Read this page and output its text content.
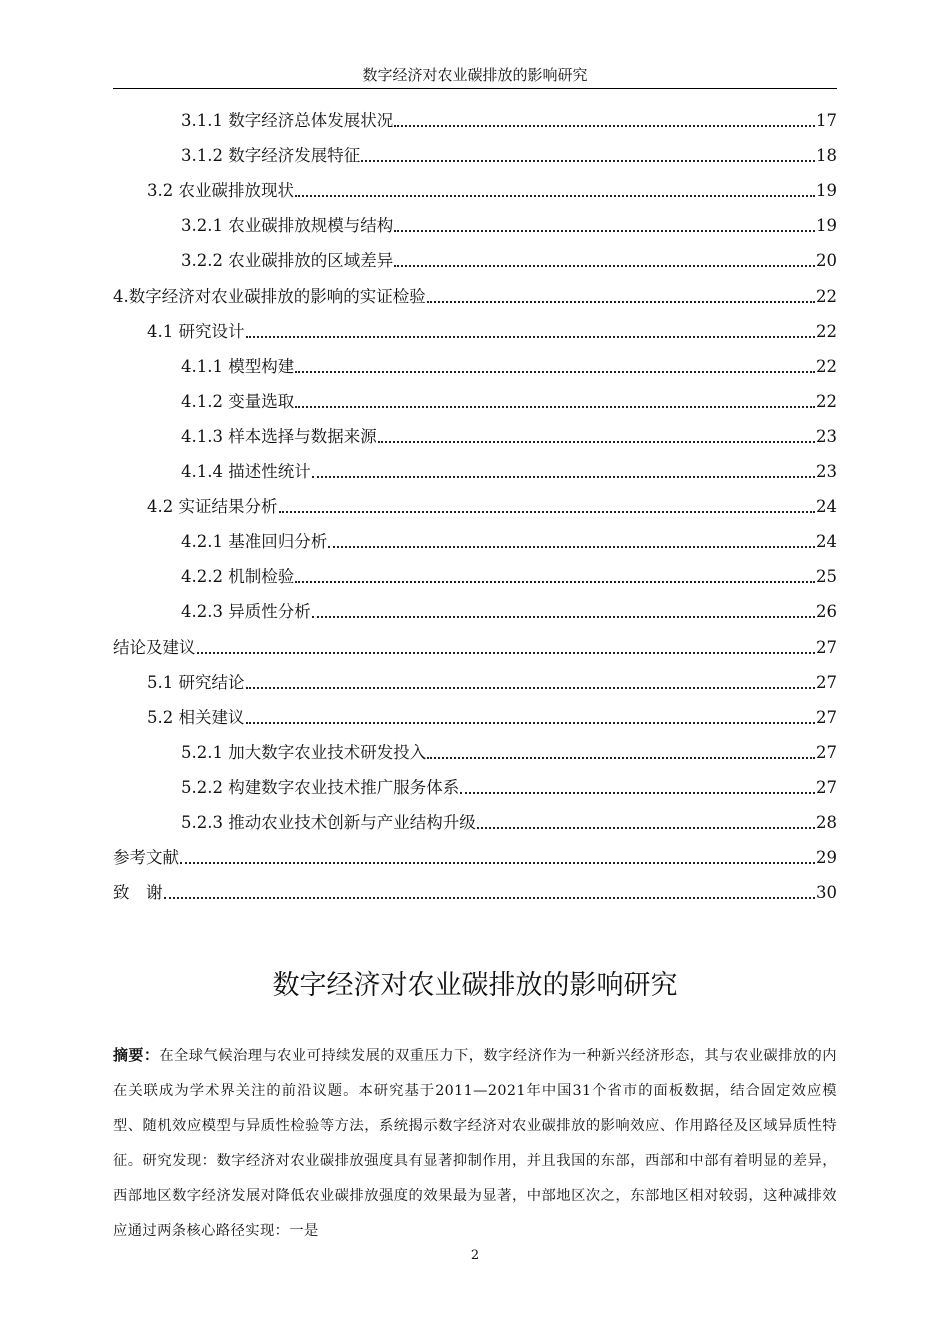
数字经济对农业碳排放的影响研究
3.1.1 数字经济总体发展状况	17
3.1.2 数字经济发展特征	18
3.2 农业碳排放现状	19
3.2.1 农业碳排放规模与结构	19
3.2.2 农业碳排放的区域差异	20
4.数字经济对农业碳排放的影响的实证检验	22
4.1 研究设计	22
4.1.1 模型构建	22
4.1.2 变量选取	22
4.1.3 样本选择与数据来源	23
4.1.4 描述性统计	23
4.2 实证结果分析	24
4.2.1 基准回归分析	24
4.2.2 机制检验	25
4.2.3 异质性分析	26
结论及建议	27
5.1 研究结论	27
5.2 相关建议	27
5.2.1 加大数字农业技术研发投入	27
5.2.2 构建数字农业技术推广服务体系	27
5.2.3 推动农业技术创新与产业结构升级	28
参考文献	29
致　谢	30
数字经济对农业碳排放的影响研究
摘要：在全球气候治理与农业可持续发展的双重压力下，数字经济作为一种新兴经济形态，其与农业碳排放的内在关联成为学术界关注的前沿议题。本研究基于2011—2021年中国31个省市的面板数据，结合固定效应模型、随机效应模型与异质性检验等方法，系统揭示数字经济对农业碳排放的影响效应、作用路径及区域异质性特征。研究发现：数字经济对农业碳排放强度具有显著抑制作用，并且我国的东部，西部和中部有着明显的差异，西部地区数字经济发展对降低农业碳排放强度的效果最为显著，中部地区次之，东部地区相对较弱，这种减排效应通过两条核心路径实现：一是
2
